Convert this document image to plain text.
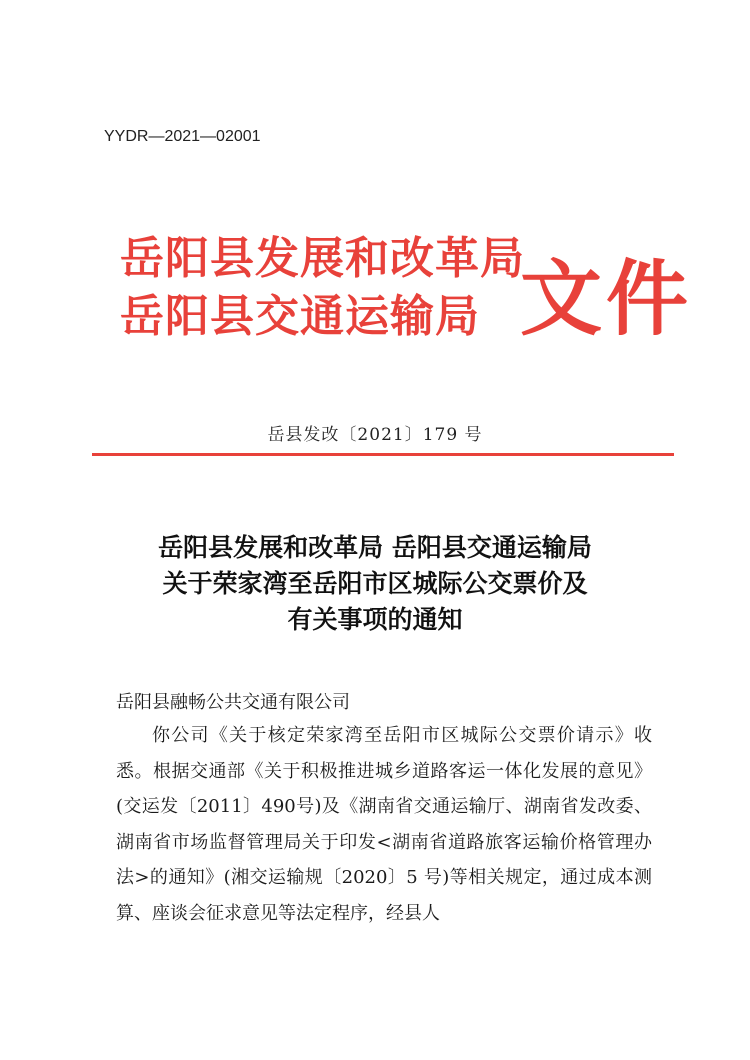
YYDR—2021—02001
岳阳县发展和改革局
岳阳县交通运输局 文件
岳县发改〔2021〕179 号
岳阳县发展和改革局 岳阳县交通运输局
关于荣家湾至岳阳市区城际公交票价及
有关事项的通知
岳阳县融畅公共交通有限公司
你公司《关于核定荣家湾至岳阳市区城际公交票价请示》收悉。根据交通部《关于积极推进城乡道路客运一体化发展的意见》(交运发〔2011〕490号)及《湖南省交通运输厅、湖南省发改委、湖南省市场监督管理局关于印发<湖南省道路旅客运输价格管理办法>的通知》(湘交运输规〔2020〕5 号)等相关规定，通过成本测算、座谈会征求意见等法定程序，经县人
